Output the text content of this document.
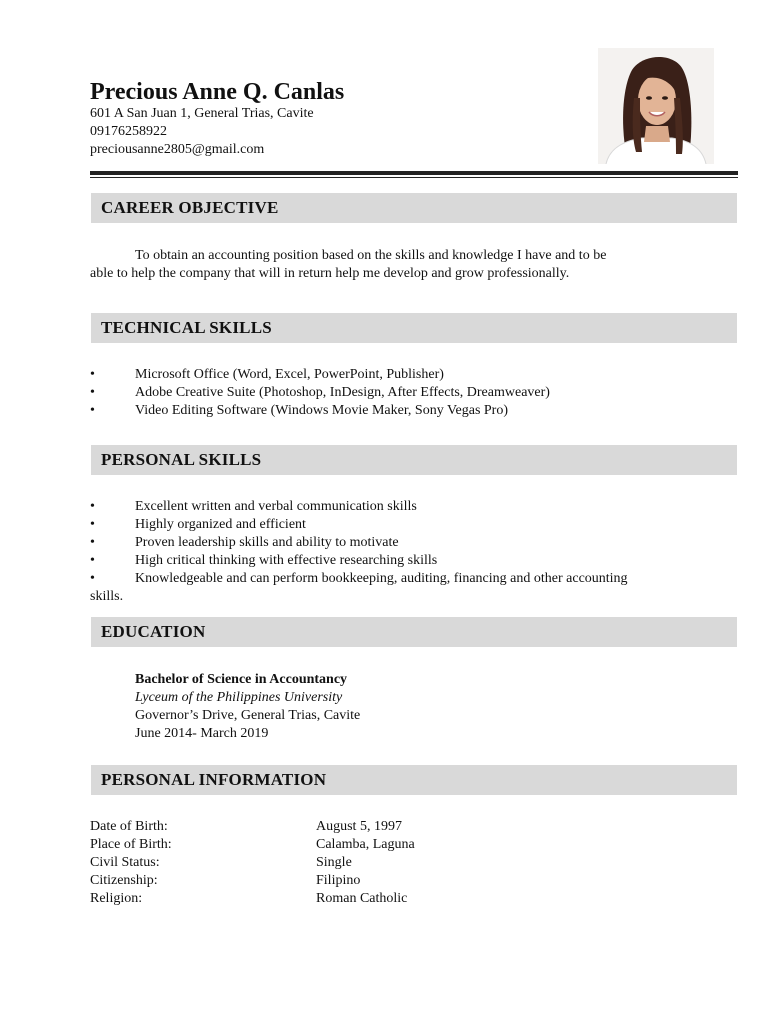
Precious Anne Q. Canlas
601 A San Juan 1, General Trias, Cavite
09176258922
preciousanne2805@gmail.com
CAREER OBJECTIVE
To obtain an accounting position based on the skills and knowledge I have and to be
able to help the company that will in return help me develop and grow professionally.
TECHNICAL SKILLS
•	Microsoft Office (Word, Excel, PowerPoint, Publisher)
•	Adobe Creative Suite (Photoshop, InDesign, After Effects, Dreamweaver)
•	Video Editing Software (Windows Movie Maker, Sony Vegas Pro)
PERSONAL SKILLS
•	Excellent written and verbal communication skills
•	Highly organized and efficient
•	Proven leadership skills and ability to motivate
•	High critical thinking with effective researching skills
•	Knowledgeable and can perform bookkeeping, auditing, financing and other accounting
skills.
EDUCATION
Bachelor of Science in Accountancy
Lyceum of the Philippines University
Governor’s Drive, General Trias, Cavite
June 2014- March 2019
PERSONAL INFORMATION
Date of Birth:	August 5, 1997
Place of Birth:	Calamba, Laguna
Civil Status:	Single
Citizenship:	Filipino
Religion:	Roman Catholic
